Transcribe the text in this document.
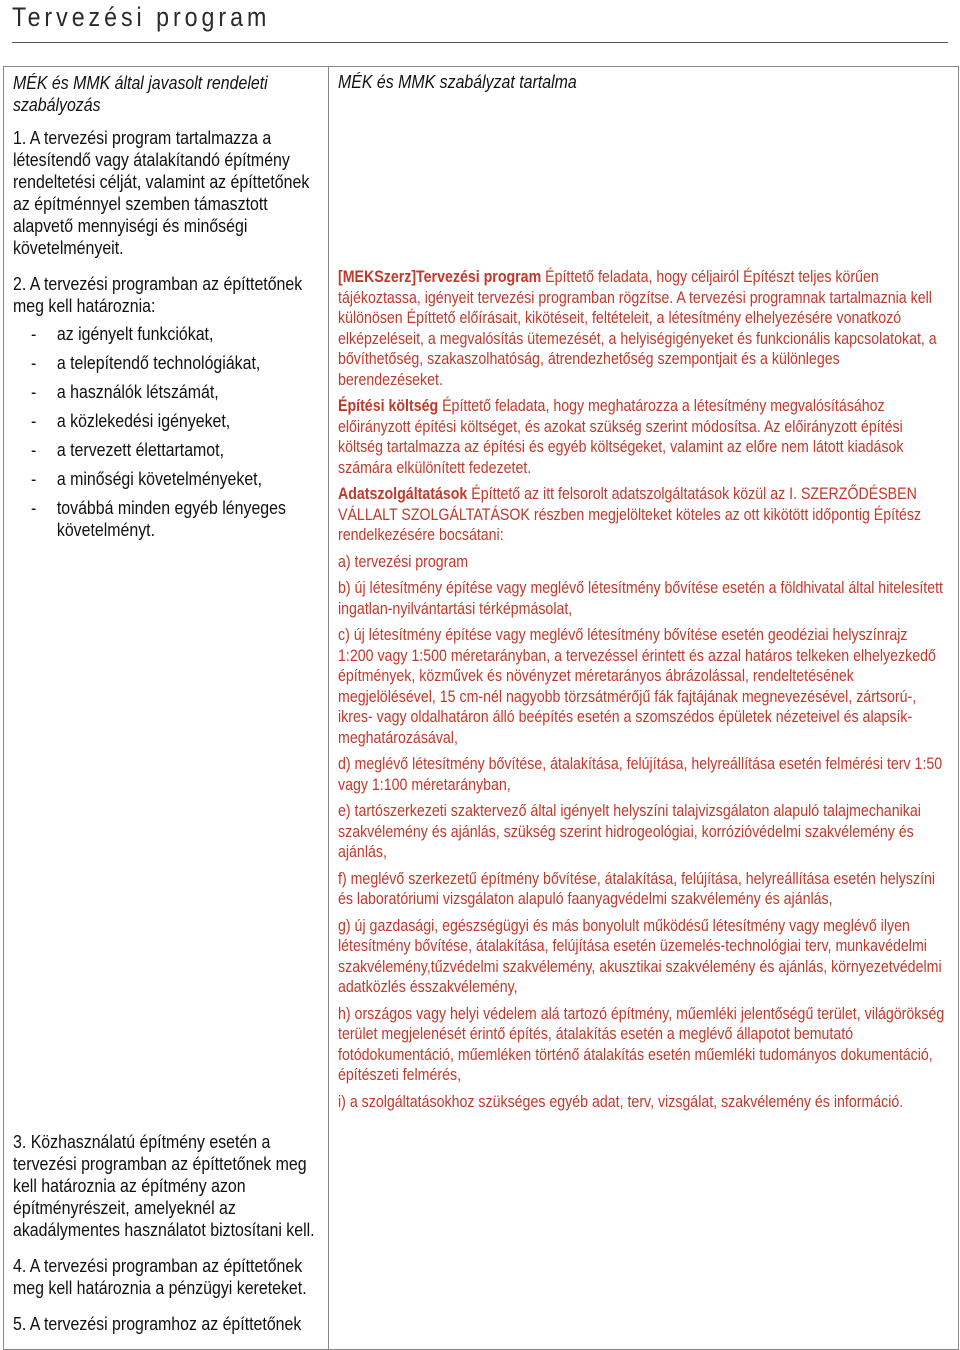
Tervezési program

MÉK és MMK által javasolt rendeleti szabályozás

1. A tervezési program tartalmazza a létesítendő vagy átalakítandó építmény rendeltetési célját, valamint az építtetőnek az építménnyel szemben támasztott alapvető mennyiségi és minőségi követelményeit.

2. A tervezési programban az építtetőnek meg kell határoznia:

- az igényelt funkciókat,
- a telepítendő technológiákat,
- a használók létszámát,
- a közlekedési igényeket,
- a tervezett élettartamot,
- a minőségi követelményeket,
- továbbá minden egyéb lényeges követelményt.

3. Közhasználatú építmény esetén a tervezési programban az építtetőnek meg kell határoznia az építmény azon építményrészeit, amelyeknél az akadálymentes használatot biztosítani kell.

4. A tervezési programban az építtetőnek meg kell határoznia a pénzügyi kereteket.

5. A tervezési programhoz az építtetőnek

MÉK és MMK szabályzat tartalma

[MEKSzerz]Tervezési program Építtető feladata, hogy céljairól Építészt teljes körűen tájékoztassa, igényeit tervezési programban rögzítse. A tervezési programnak tartalmaznia kell különösen Építtető előírásait, kikötéseit, feltételeit, a létesítmény elhelyezésére vonatkozó elképzeléseit, a megvalósítás ütemezését, a helyiségigényeket és funkcionális kapcsolatokat, a bővíthetőség, szakaszolhatóság, átrendezhetőség szempontjait és a különleges berendezéseket.

Építési költség Építtető feladata, hogy meghatározza a létesítmény megvalósításához előirányzott építési költséget, és azokat szükség szerint módosítsa. Az előirányzott építési költség tartalmazza az építési és egyéb költségeket, valamint az előre nem látott kiadások számára elkülönített fedezetet.

Adatszolgáltatások Építtető az itt felsorolt adatszolgáltatások közül az I. SZERZŐDÉSBEN VÁLLALT SZOLGÁLTATÁSOK részben megjelölteket köteles az ott kikötött időpontig Építész rendelkezésére bocsátani:

a) tervezési program

b) új létesítmény építése vagy meglévő létesítmény bővítése esetén a földhivatal által hitelesített ingatlan-nyilvántartási térképmásolat,

c) új létesítmény építése vagy meglévő létesítmény bővítése esetén geodéziai helyszínrajz 1:200 vagy 1:500 méretarányban, a tervezéssel érintett és azzal határos telkeken elhelyezkedő építmények, közművek és növényzet méretarányos ábrázolással, rendeltetésének megjelölésével, 15 cm-nél nagyobb törzsátmérőjű fák fajtájának megnevezésével, zártsorú-, ikres- vagy oldalhatáron álló beépítés esetén a szomszédos épületek nézeteivel és alapsík-meghatározásával,

d) meglévő létesítmény bővítése, átalakítása, felújítása, helyreállítása esetén felmérési terv 1:50 vagy 1:100 méretarányban,

e) tartószerkezeti szaktervező által igényelt helyszíni talajvizsgálaton alapuló talajmechanikai szakvélemény és ajánlás, szükség szerint hidrogeológiai, korrózióvédelmi szakvélemény és ajánlás,

f) meglévő szerkezetű építmény bővítése, átalakítása, felújítása, helyreállítása esetén helyszíni és laboratóriumi vizsgálaton alapuló faanyagvédelmi szakvélemény és ajánlás,

g) új gazdasági, egészségügyi és más bonyolult működésű létesítmény vagy meglévő ilyen létesítmény bővítése, átalakítása, felújítása esetén üzemelés-technológiai terv, munkavédelmi szakvélemény,tűzvédelmi szakvélemény, akusztikai szakvélemény és ajánlás, környezetvédelmi adatközlés ésszakvélemény,

h) országos vagy helyi védelem alá tartozó építmény, műemléki jelentőségű terület, világörökség terület megjelenését érintő építés, átalakítás esetén a meglévő állapotot bemutató fotódokumentáció, műemléken történő átalakítás esetén műemléki tudományos dokumentáció, építészeti felmérés,

i) a szolgáltatásokhoz szükséges egyéb adat, terv, vizsgálat, szakvélemény és információ.
